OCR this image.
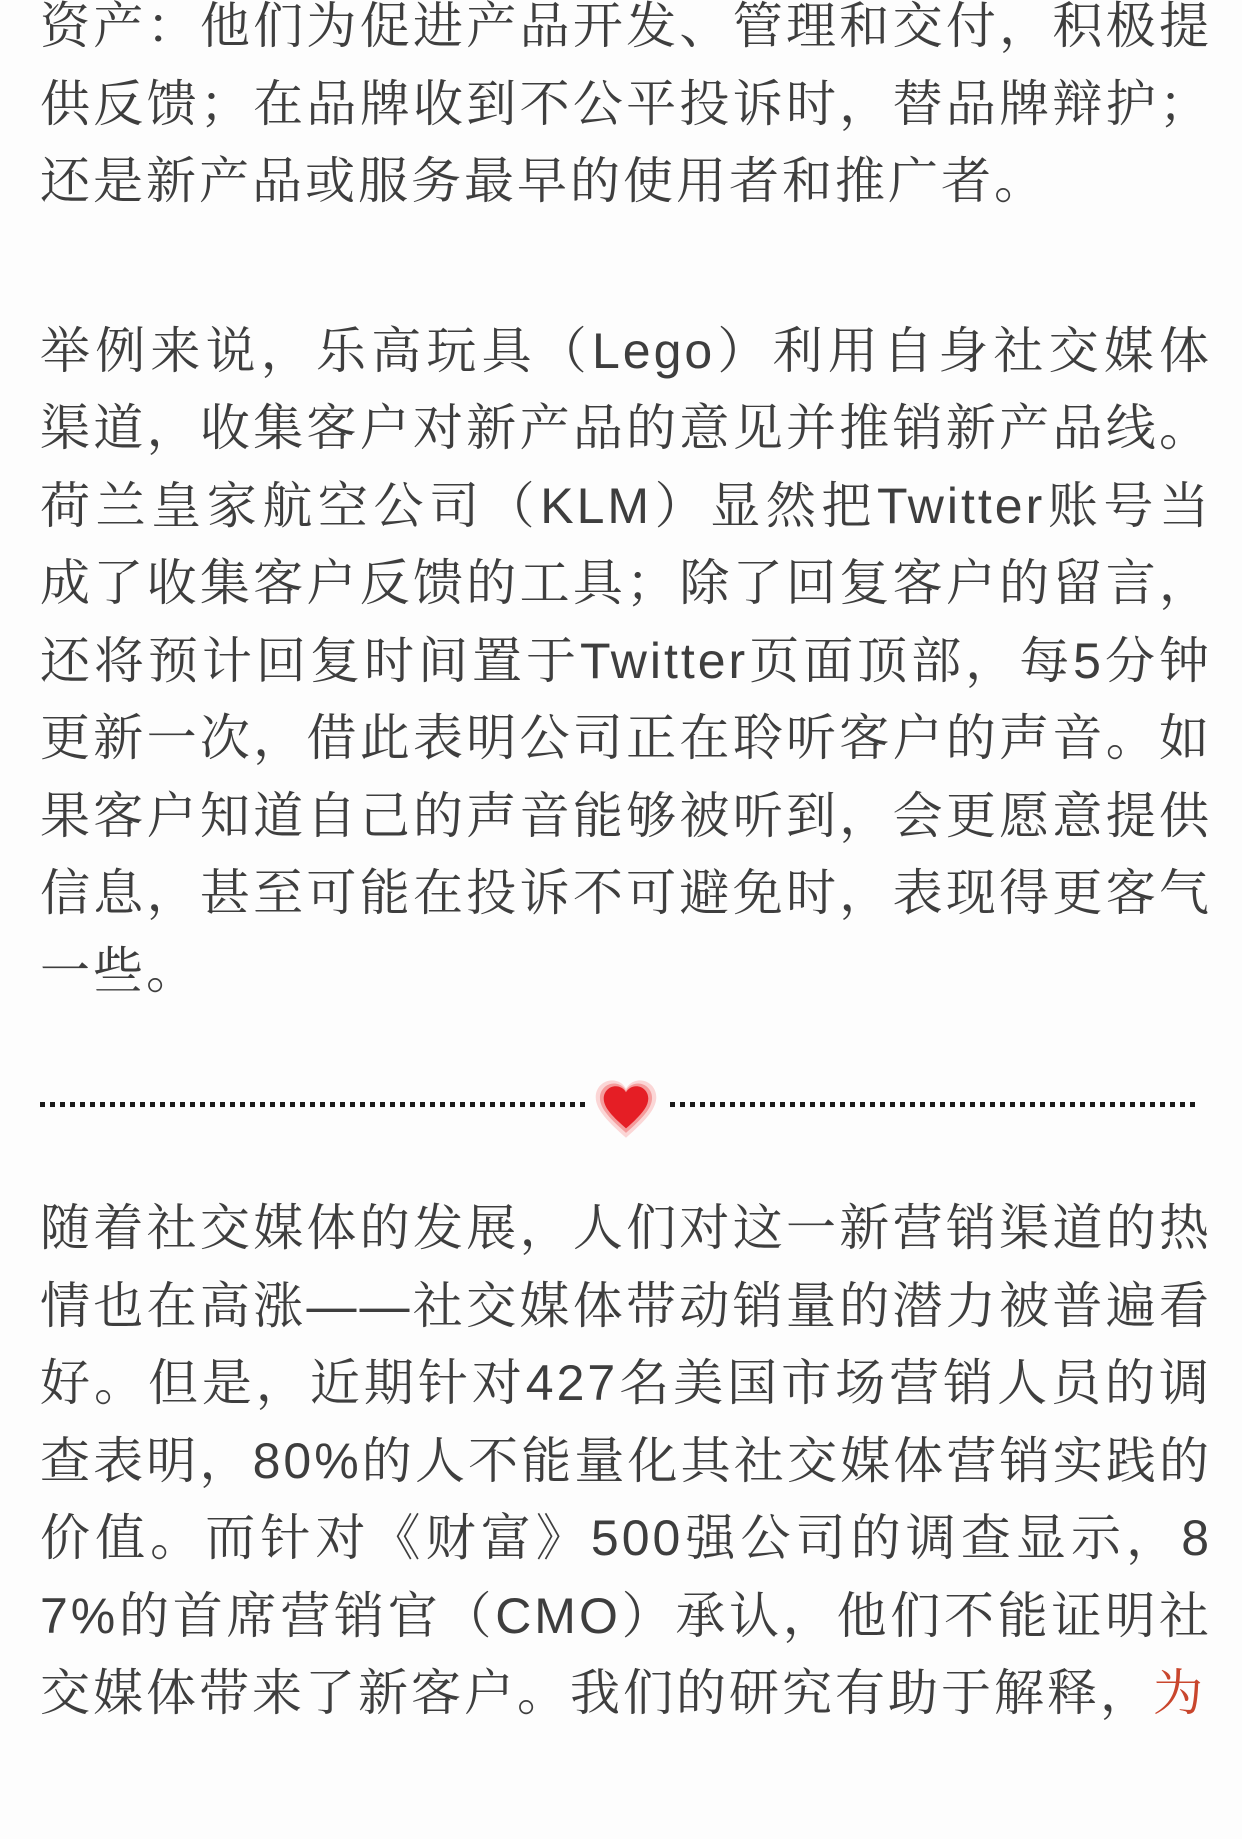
资产：他们为促进产品开发、管理和交付，积极提供反馈；在品牌收到不公平投诉时，替品牌辩护；还是新产品或服务最早的使用者和推广者。

举例来说，乐高玩具（Lego）利用自身社交媒体渠道，收集客户对新产品的意见并推销新产品线。荷兰皇家航空公司（KLM）显然把Twitter账号当成了收集客户反馈的工具；除了回复客户的留言，还将预计回复时间置于Twitter页面顶部，每5分钟更新一次，借此表明公司正在聆听客户的声音。如果客户知道自己的声音能够被听到，会更愿意提供信息，甚至可能在投诉不可避免时，表现得更客气一些。

随着社交媒体的发展，人们对这一新营销渠道的热情也在高涨——社交媒体带动销量的潜力被普遍看好。但是，近期针对427名美国市场营销人员的调查表明，80%的人不能量化其社交媒体营销实践的价值。而针对《财富》500强公司的调查显示，87%的首席营销官（CMO）承认，他们不能证明社交媒体带来了新客户。我们的研究有助于解释，为
